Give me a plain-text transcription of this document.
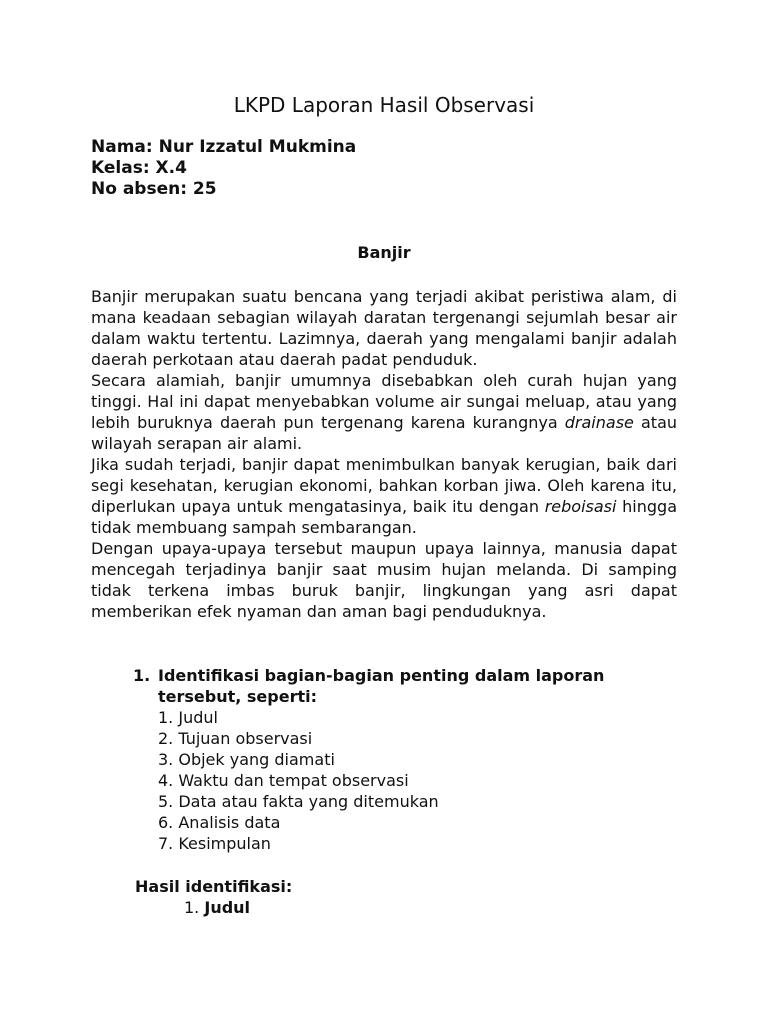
LKPD Laporan Hasil Observasi
Nama: Nur Izzatul Mukmina
Kelas: X.4
No absen: 25
Banjir

Banjir merupakan suatu bencana yang terjadi akibat peristiwa alam, di mana keadaan sebagian wilayah daratan tergenangi sejumlah besar air dalam waktu tertentu. Lazimnya, daerah yang mengalami banjir adalah daerah perkotaan atau daerah padat penduduk.

Secara alamiah, banjir umumnya disebabkan oleh curah hujan yang tinggi. Hal ini dapat menyebabkan volume air sungai meluap, atau yang lebih buruknya daerah pun tergenang karena kurangnya drainase atau wilayah serapan air alami.

Jika sudah terjadi, banjir dapat menimbulkan banyak kerugian, baik dari segi kesehatan, kerugian ekonomi, bahkan korban jiwa. Oleh karena itu, diperlukan upaya untuk mengatasinya, baik itu dengan reboisasi hingga tidak membuang sampah sembarangan.

Dengan upaya-upaya tersebut maupun upaya lainnya, manusia dapat mencegah terjadinya banjir saat musim hujan melanda. Di samping tidak terkena imbas buruk banjir, lingkungan yang asri dapat memberikan efek nyaman dan aman bagi penduduknya.

1. Identifikasi bagian-bagian penting dalam laporan tersebut, seperti:
1. Judul
2. Tujuan observasi
3. Objek yang diamati
4. Waktu dan tempat observasi
5. Data atau fakta yang ditemukan
6. Analisis data
7. Kesimpulan
Hasil identifikasi:
1. Judul
